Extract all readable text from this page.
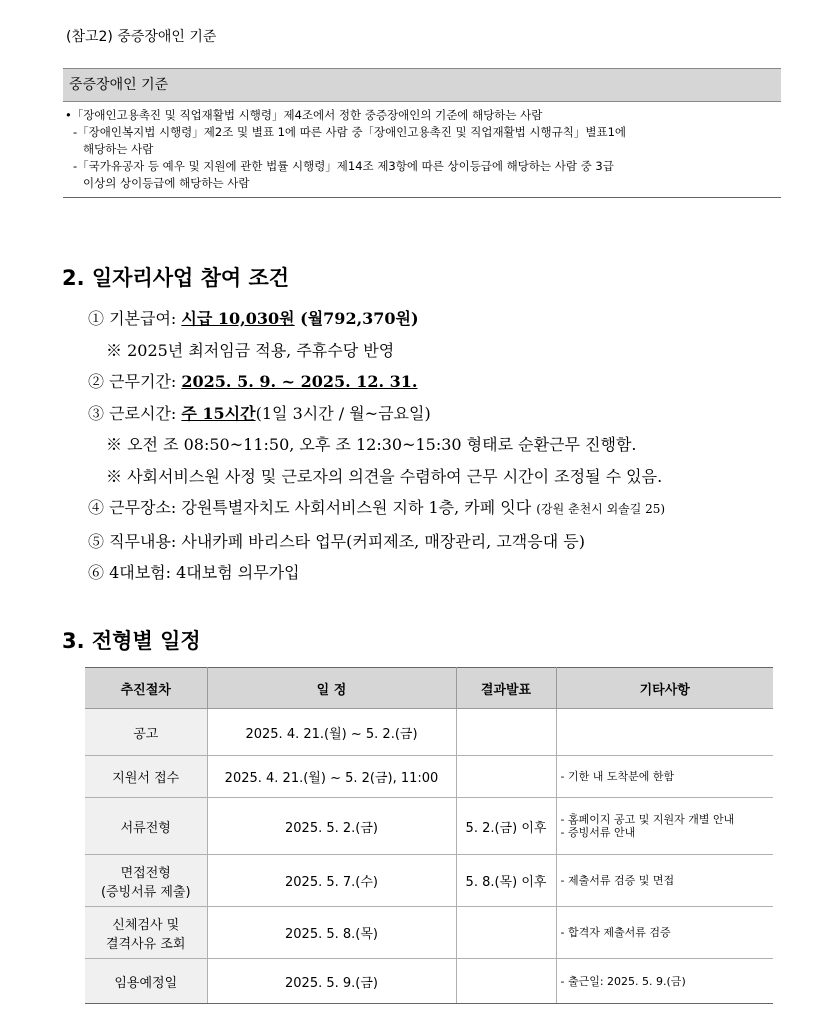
(참고2) 중증장애인 기준
중증장애인 기준
•「장애인고용촉진 및 직업재활법 시행령」제4조에서 정한 중증장애인의 기준에 해당하는 사람
-「장애인복지법 시행령」제2조 및 별표 1에 따른 사람 중「장애인고용촉진 및 직업재활법 시행규칙」별표1에
해당하는 사람
-「국가유공자 등 예우 및 지원에 관한 법률 시행령」제14조 제3항에 따른 상이등급에 해당하는 사람 중 3급
이상의 상이등급에 해당하는 사람
2. 일자리사업 참여 조건
① 기본급여: 시급 10,030원 (월792,370원)
※ 2025년 최저임금 적용, 주휴수당 반영
② 근무기간: 2025. 5. 9. ~ 2025. 12. 31.
③ 근로시간: 주 15시간(1일 3시간 / 월~금요일)
※ 오전 조 08:50~11:50, 오후 조 12:30~15:30 형태로 순환근무 진행함.
※ 사회서비스원 사정 및 근로자의 의견을 수렴하여 근무 시간이 조정될 수 있음.
④ 근무장소: 강원특별자치도 사회서비스원 지하 1층, 카페 잇다 (강원 춘천시 외솔길 25)
⑤ 직무내용: 사내카페 바리스타 업무(커피제조, 매장관리, 고객응대 등)
⑥ 4대보험: 4대보험 의무가입
3. 전형별 일정
추진절차	일 정	결과발표	기타사항
공고	2025. 4. 21.(월) ~ 5. 2.(금)		
지원서 접수	2025. 4. 21.(월) ~ 5. 2(금), 11:00		- 기한 내 도착분에 한함
서류전형	2025. 5. 2.(금)	5. 2.(금) 이후	- 홈페이지 공고 및 지원자 개별 안내
- 증빙서류 안내

면접전형
(증빙서류 제출)	2025. 5. 7.(수)	5. 8.(목) 이후	- 제출서류 검증 및 면접

신체검사 및
결격사유 조회	2025. 5. 8.(목)		- 합격자 제출서류 검증
임용예정일	2025. 5. 9.(금)		- 출근일: 2025. 5. 9.(금)
